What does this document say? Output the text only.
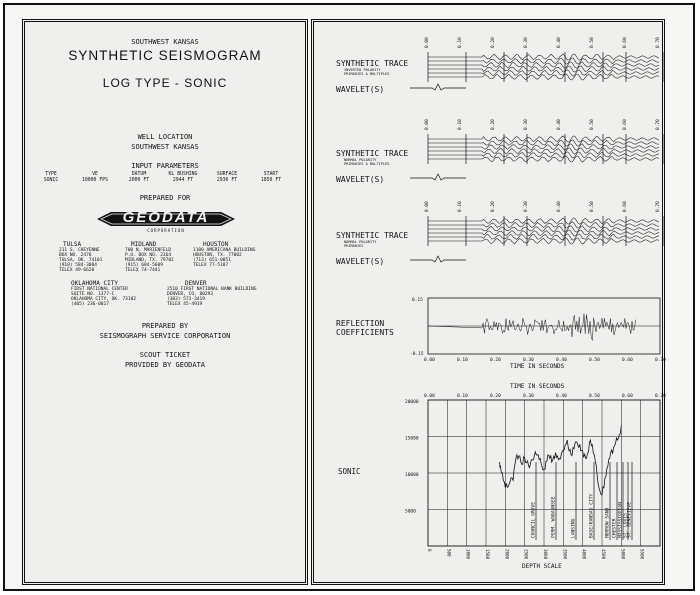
SOUTHWEST KANSAS
SYNTHETIC SEISMOGRAM
LOG TYPE - SONIC
WELL LOCATION
SOUTHWEST KANSAS
INPUT PARAMETERS
TYPE
SONIC
VE
10000 FPS
DATUM
2000 FT
KL BUSHING
2944 FT
SURFACE
2936 FT
START
1850 FT
PREPARED FOR
GEODATA
CORPORATION
TULSA
211 S. CHEYENNE
BOX NO. 2476
TULSA, OK. 74101
(918) 584-3084
TELEX 49-6620
MIDLAND
700 N. MARIENFELD
P.O. BOX NO. 2364
MIDLAND, TX. 79702
(915) 684-5609
TELEX 74-7441
HOUSTON
1100 AMERICANA BUILDING
HOUSTON, TX. 77002
(713) 651-0051
TELEX 77-5187
OKLAHOMA CITY
FIRST NATIONAL CENTER
SUITE NO. 1377-C
OKLAHOMA CITY, OK. 73102
(405) 236-0017
DENVER
2510 FIRST NATIONAL BANK BUILDING
DENVER, CO. 80293
(303) 573-3419
TELEX 45-4919
PREPARED BY
SEISMOGRAPH SERVICE CORPORATION
SCOUT TICKET
PROVIDED BY GEODATA
0.00	0.10	0.20	0.30	0.40	0.50	0.60	0.70
SYNTHETIC TRACE
INVERTED POLARITY
PRIMARIES & MULTIPLES
WAVELET(S)
0.00	0.10	0.20	0.30	0.40	0.50	0.60	0.70
SYNTHETIC TRACE
NORMAL POLARITY
PRIMARIES & MULTIPLES
WAVELET(S)
0.00	0.10	0.20	0.30	0.40	0.50	0.60	0.70
SYNTHETIC TRACE
NORMAL POLARITY
PRIMARIES
WAVELET(S)
0.15
-0.15
0.00	0.10	0.20	0.30	0.40	0.50	0.60	0.70
TIME IN SECONDS
REFLECTION
COEFFICIENTS
20000
15000
10000
5000
TIME IN SECONDS
0.00	0.10	0.20	0.30	0.40	0.50	0.60	0.70
0	500	1000	1500	2000	2500	3000	3500	4000	4500	5000	5500
DEPTH SCALE
SONIC
COUNCIL GROVE	PERM. WABAUNSEE	LANSING	BASE/KANSAS CITY MORROW SAND CHESTER MISSISSIPPIAN ST. LOUIS ST. GENEVIEVE
